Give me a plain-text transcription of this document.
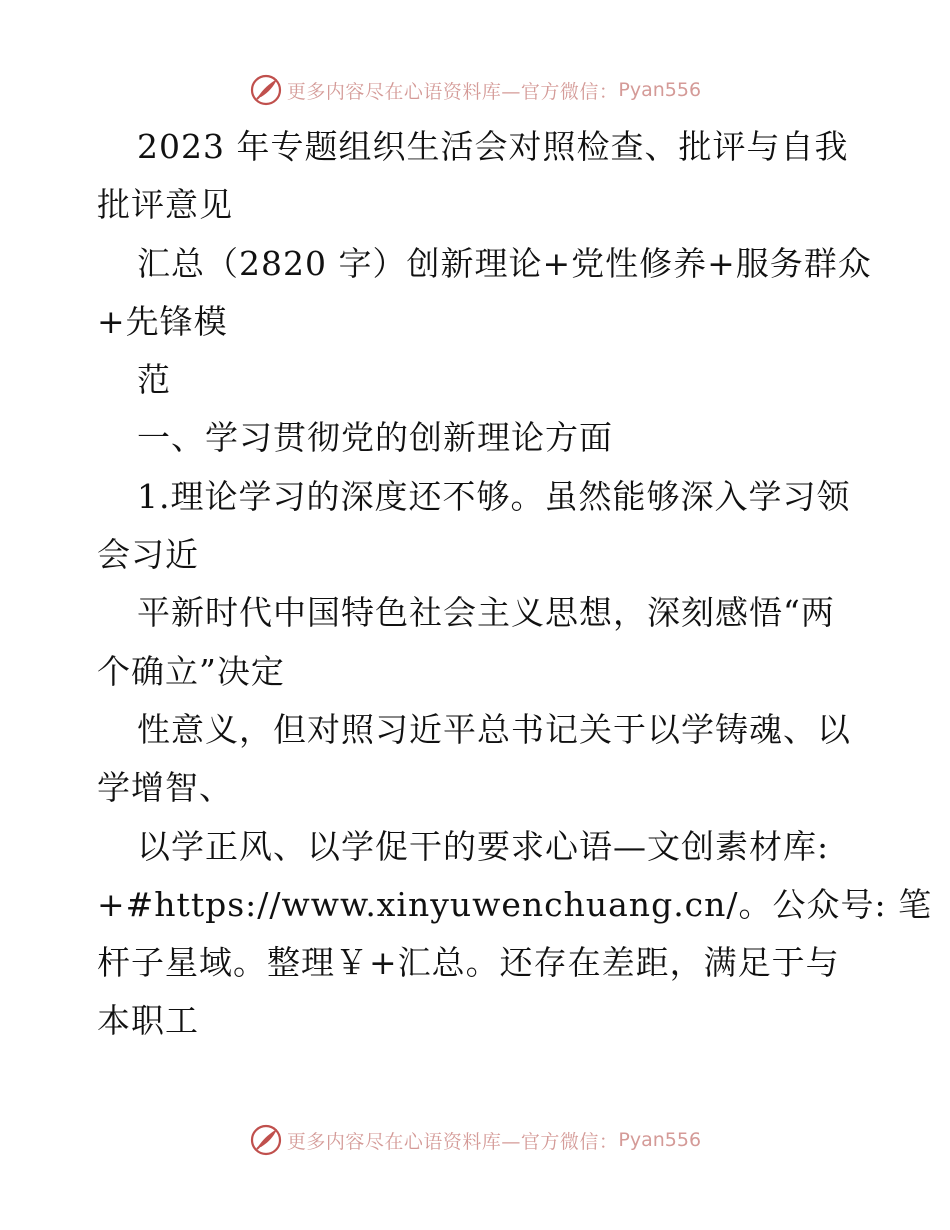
更多内容尽在心语资料库—官方微信： Pyan556
2023 年专题组织生活会对照检查、批评与自我
批评意见
汇总（2820 字）创新理论+党性修养+服务群众
+先锋模
范
一、学习贯彻党的创新理论方面
1.理论学习的深度还不够。虽然能够深入学习领
会习近
平新时代中国特色社会主义思想，深刻感悟“两
个确立”决定
性意义，但对照习近平总书记关于以学铸魂、以
学增智、
以学正风、以学促干的要求心语—文创素材库:
+#https://www.xinyuwenchuang.cn/。公众号: 笔
杆子星域。整理￥+汇总。还存在差距，满足于与
本职工
更多内容尽在心语资料库—官方微信： Pyan556
